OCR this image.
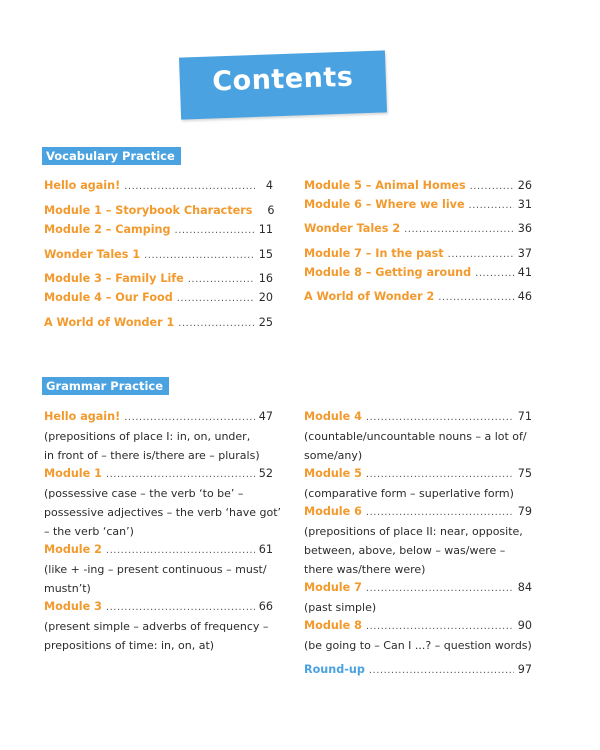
Contents
Vocabulary Practice
Hello again! .....	4
Module 1 – Storybook Characters	6
Module 2 – Camping .....	11
Wonder Tales 1 .....	15
Module 3 – Family Life .....	16
Module 4 – Our Food .....	20
A World of Wonder 1 .....	25
Module 5 – Animal Homes .....	26
Module 6 – Where we live .....	31
Wonder Tales 2 .....	36
Module 7 – In the past .....	37
Module 8 – Getting around .....	41
A World of Wonder 2 .....	46
Grammar Practice
Hello again! .....	47
(prepositions of place I: in, on, under,
in front of – there is/there are – plurals)
Module 1 .....	52
(possessive case – the verb ‘to be’ –
possessive adjectives – the verb ‘have got’
– the verb ‘can’)
Module 2 .....	61
(like + -ing – present continuous – must/
mustn’t)
Module 3 .....	66
(present simple – adverbs of frequency –
prepositions of time: in, on, at)
Module 4 .....	71
(countable/uncountable nouns – a lot of/
some/any)
Module 5 .....	75
(comparative form – superlative form)
Module 6 .....	79
(prepositions of place II: near, opposite,
between, above, below – was/were –
there was/there were)
Module 7 .....	84
(past simple)
Module 8 .....	90
(be going to – Can I ...? – question words)
Round-up .....	97
